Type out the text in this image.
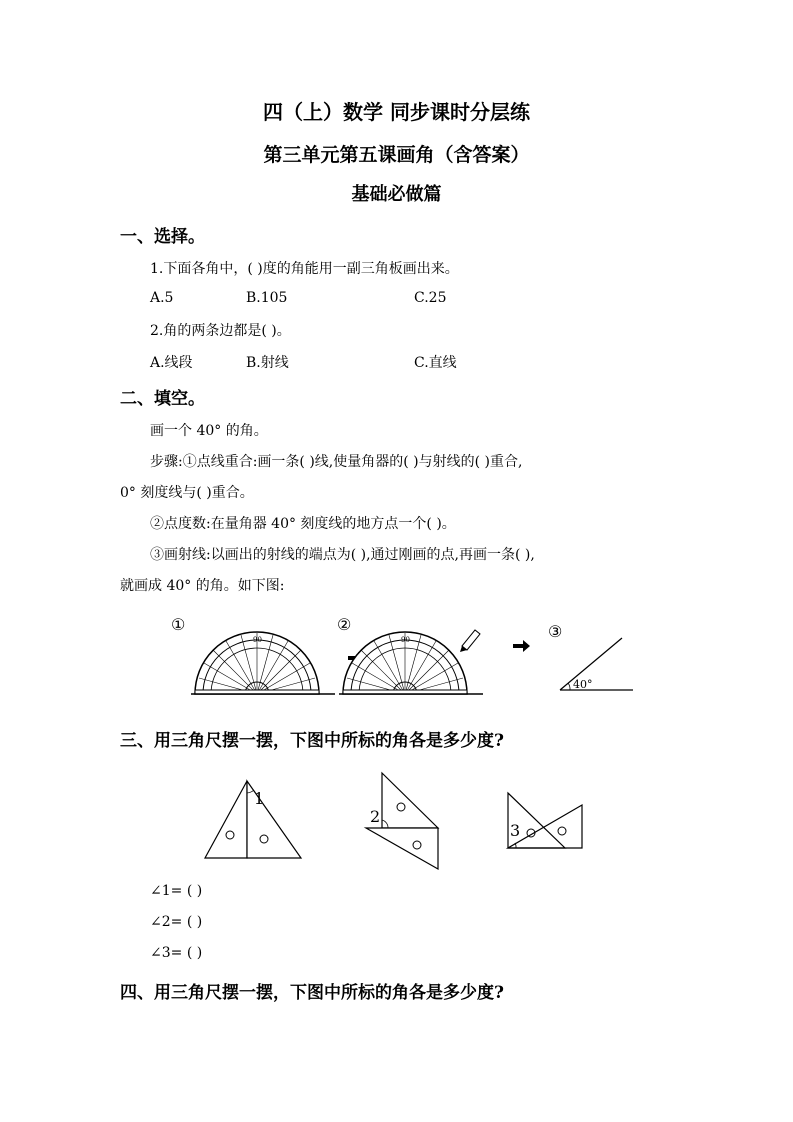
四（上）数学 同步课时分层练
第三单元第五课画角（含答案）
基础必做篇
一、选择。
1.下面各角中，( )度的角能用一副三角板画出来。
A.5	B.105	C.25
2.角的两条边都是( )。
A.线段	B.射线	C.直线
二、填空。
画一个 40° 的角。
步骤:①点线重合:画一条( )线,使量角器的( )与射线的( )重合,
0° 刻度线与( )重合。
②点度数:在量角器 40° 刻度线的地方点一个( )。
③画射线:以画出的射线的端点为( ),通过刚画的点,再画一条( ),
就画成 40° 的角。如下图:
①
90
②
90	③
40°
三、用三角尺摆一摆，下图中所标的角各是多少度?
1
2
3
∠1= ( )
∠2= ( )
∠3= ( )
四、用三角尺摆一摆，下图中所标的角各是多少度?
